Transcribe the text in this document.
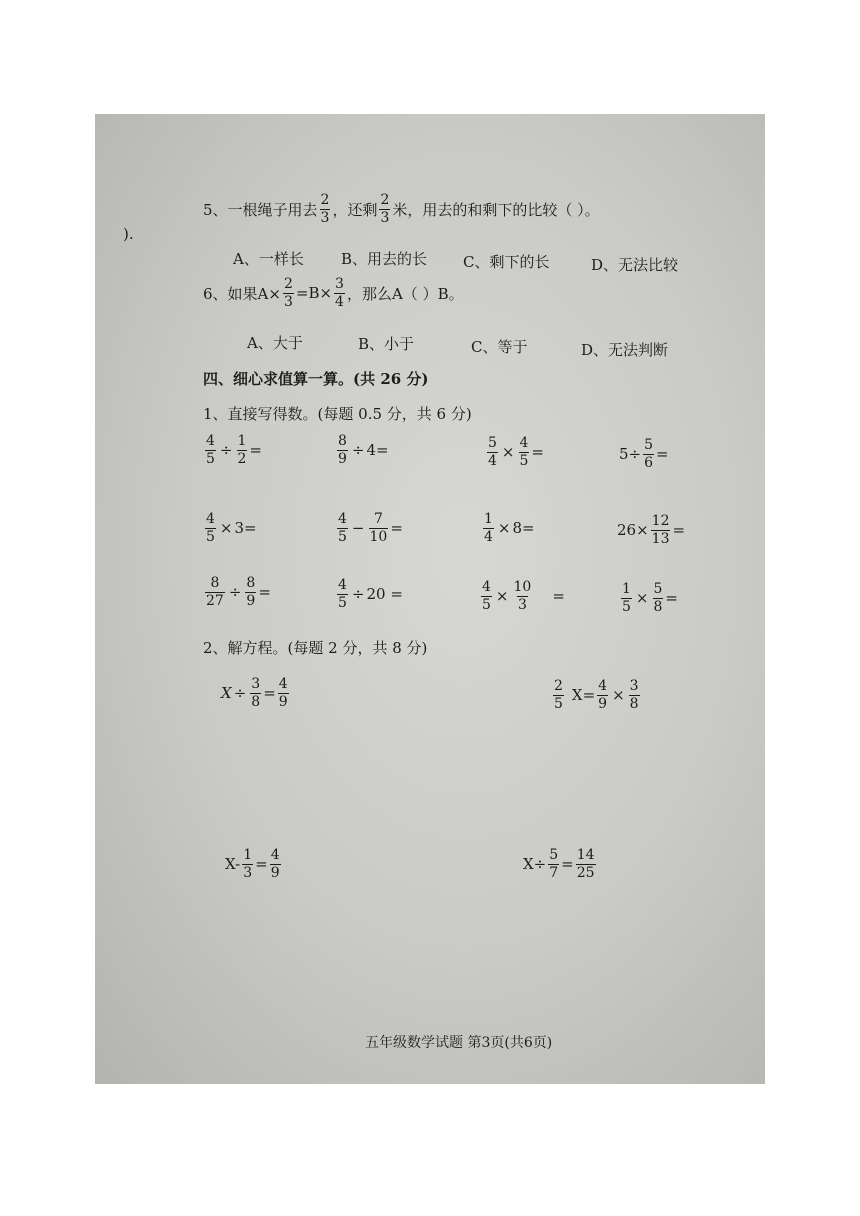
).
5、一根绳子用去 $\frac{2}{3}$ ，还剩 $\frac{2}{3}$ 米，用去的和剩下的比较（ ）。
A、一样长 B、用去的长 C、剩下的长	D、无法比较
6、如果$A\times \frac{2}{3} =B\times \frac{3}{4}$ ，那么A（ ）B。
A、大于	B、小于	C、等于	D、无法判断
四、细心求值算一算。(共 26 分)
1、直接写得数。(每题 0.5 分，共 6 分)
$\frac{4}{5} \div \frac{1}{2}$ =	$\frac{8}{9} \div 4=$	$\frac{5}{4} \times \frac{4}{5}$ =	$5\div \frac{5}{6}$ =
$\frac{4}{5} \times 3=$	$\frac{4}{5} - \frac{7}{10}$ =	$\frac{1}{4} \times 8=$	$26\times \frac{12}{13}$ =
$\frac{8}{27} \div \frac{8}{9}$ =	$\frac{4}{5} \div 20$ =	$\frac{4}{5} \times \frac{10}{3}$ =	$\frac{1}{5} \times \frac{5}{8}$ =
2、解方程。(每题 2 分，共 8 分)
$X \div \frac{3}{8} = \frac{4}{9}$	$\frac{2}{5} X= \frac{4}{9} \times \frac{3}{8}$
$X- \frac{1}{3} = \frac{4}{9}$	$X\div \frac{5}{7} = \frac{14}{25}$
五年级数学试题 第3页(共6页)
